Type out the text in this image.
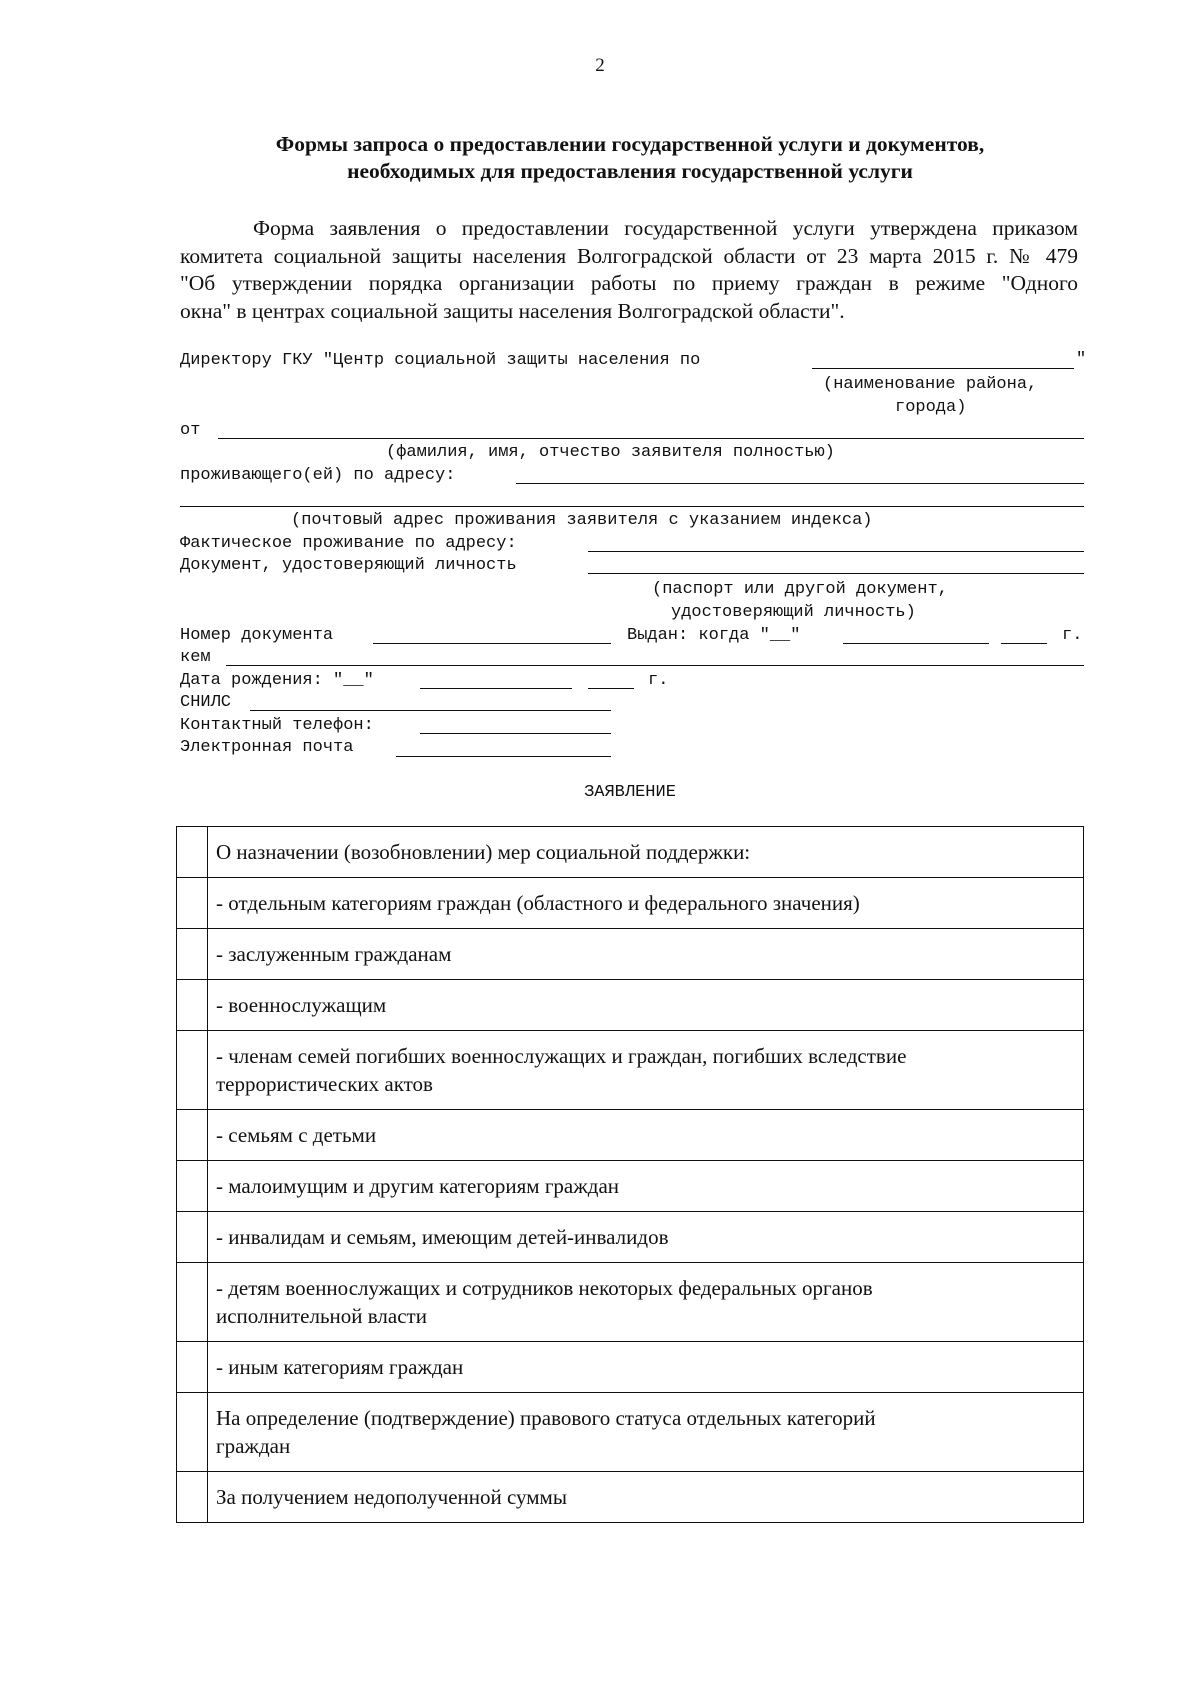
2
Формы запроса о предоставлении государственной услуги и документов,
необходимых для предоставления государственной услуги
Форма заявления о предоставлении государственной услуги утверждена приказом
комитета социальной защиты населения Волгоградской области от 23 марта 2015 г. № 479
"Об утверждении порядка организации работы по приему граждан в режиме "Одного
окна" в центрах социальной защиты населения Волгоградской области".
Директору ГКУ "Центр социальной защиты населения по	"
(наименование района,
города)
от
(фамилия, имя, отчество заявителя полностью)
проживающего(ей) по адресу:
(почтовый адрес проживания заявителя с указанием индекса)
Фактическое проживание по адресу:
Документ, удостоверяющий личность
(паспорт или другой документ,
удостоверяющий личность)
Номер документа	Выдан: когда "__"	г.
кем
Дата рождения: "__"	г.
СНИЛС
Контактный телефон:
Электронная почта
ЗАЯВЛЕНИЕ

	О назначении (возобновлении) мер социальной поддержки:

	- отдельным категориям граждан (областного и федерального значения)

	- заслуженным гражданам

	- военнослужащим

	- членам семей погибших военнослужащих и граждан, погибших вследствие
террористических актов

	- семьям с детьми

	- малоимущим и другим категориям граждан

	- инвалидам и семьям, имеющим детей-инвалидов

	- детям военнослужащих и сотрудников некоторых федеральных органов
исполнительной власти

	- иным категориям граждан

	На определение (подтверждение) правового статуса отдельных категорий
граждан

	За получением недополученной суммы
